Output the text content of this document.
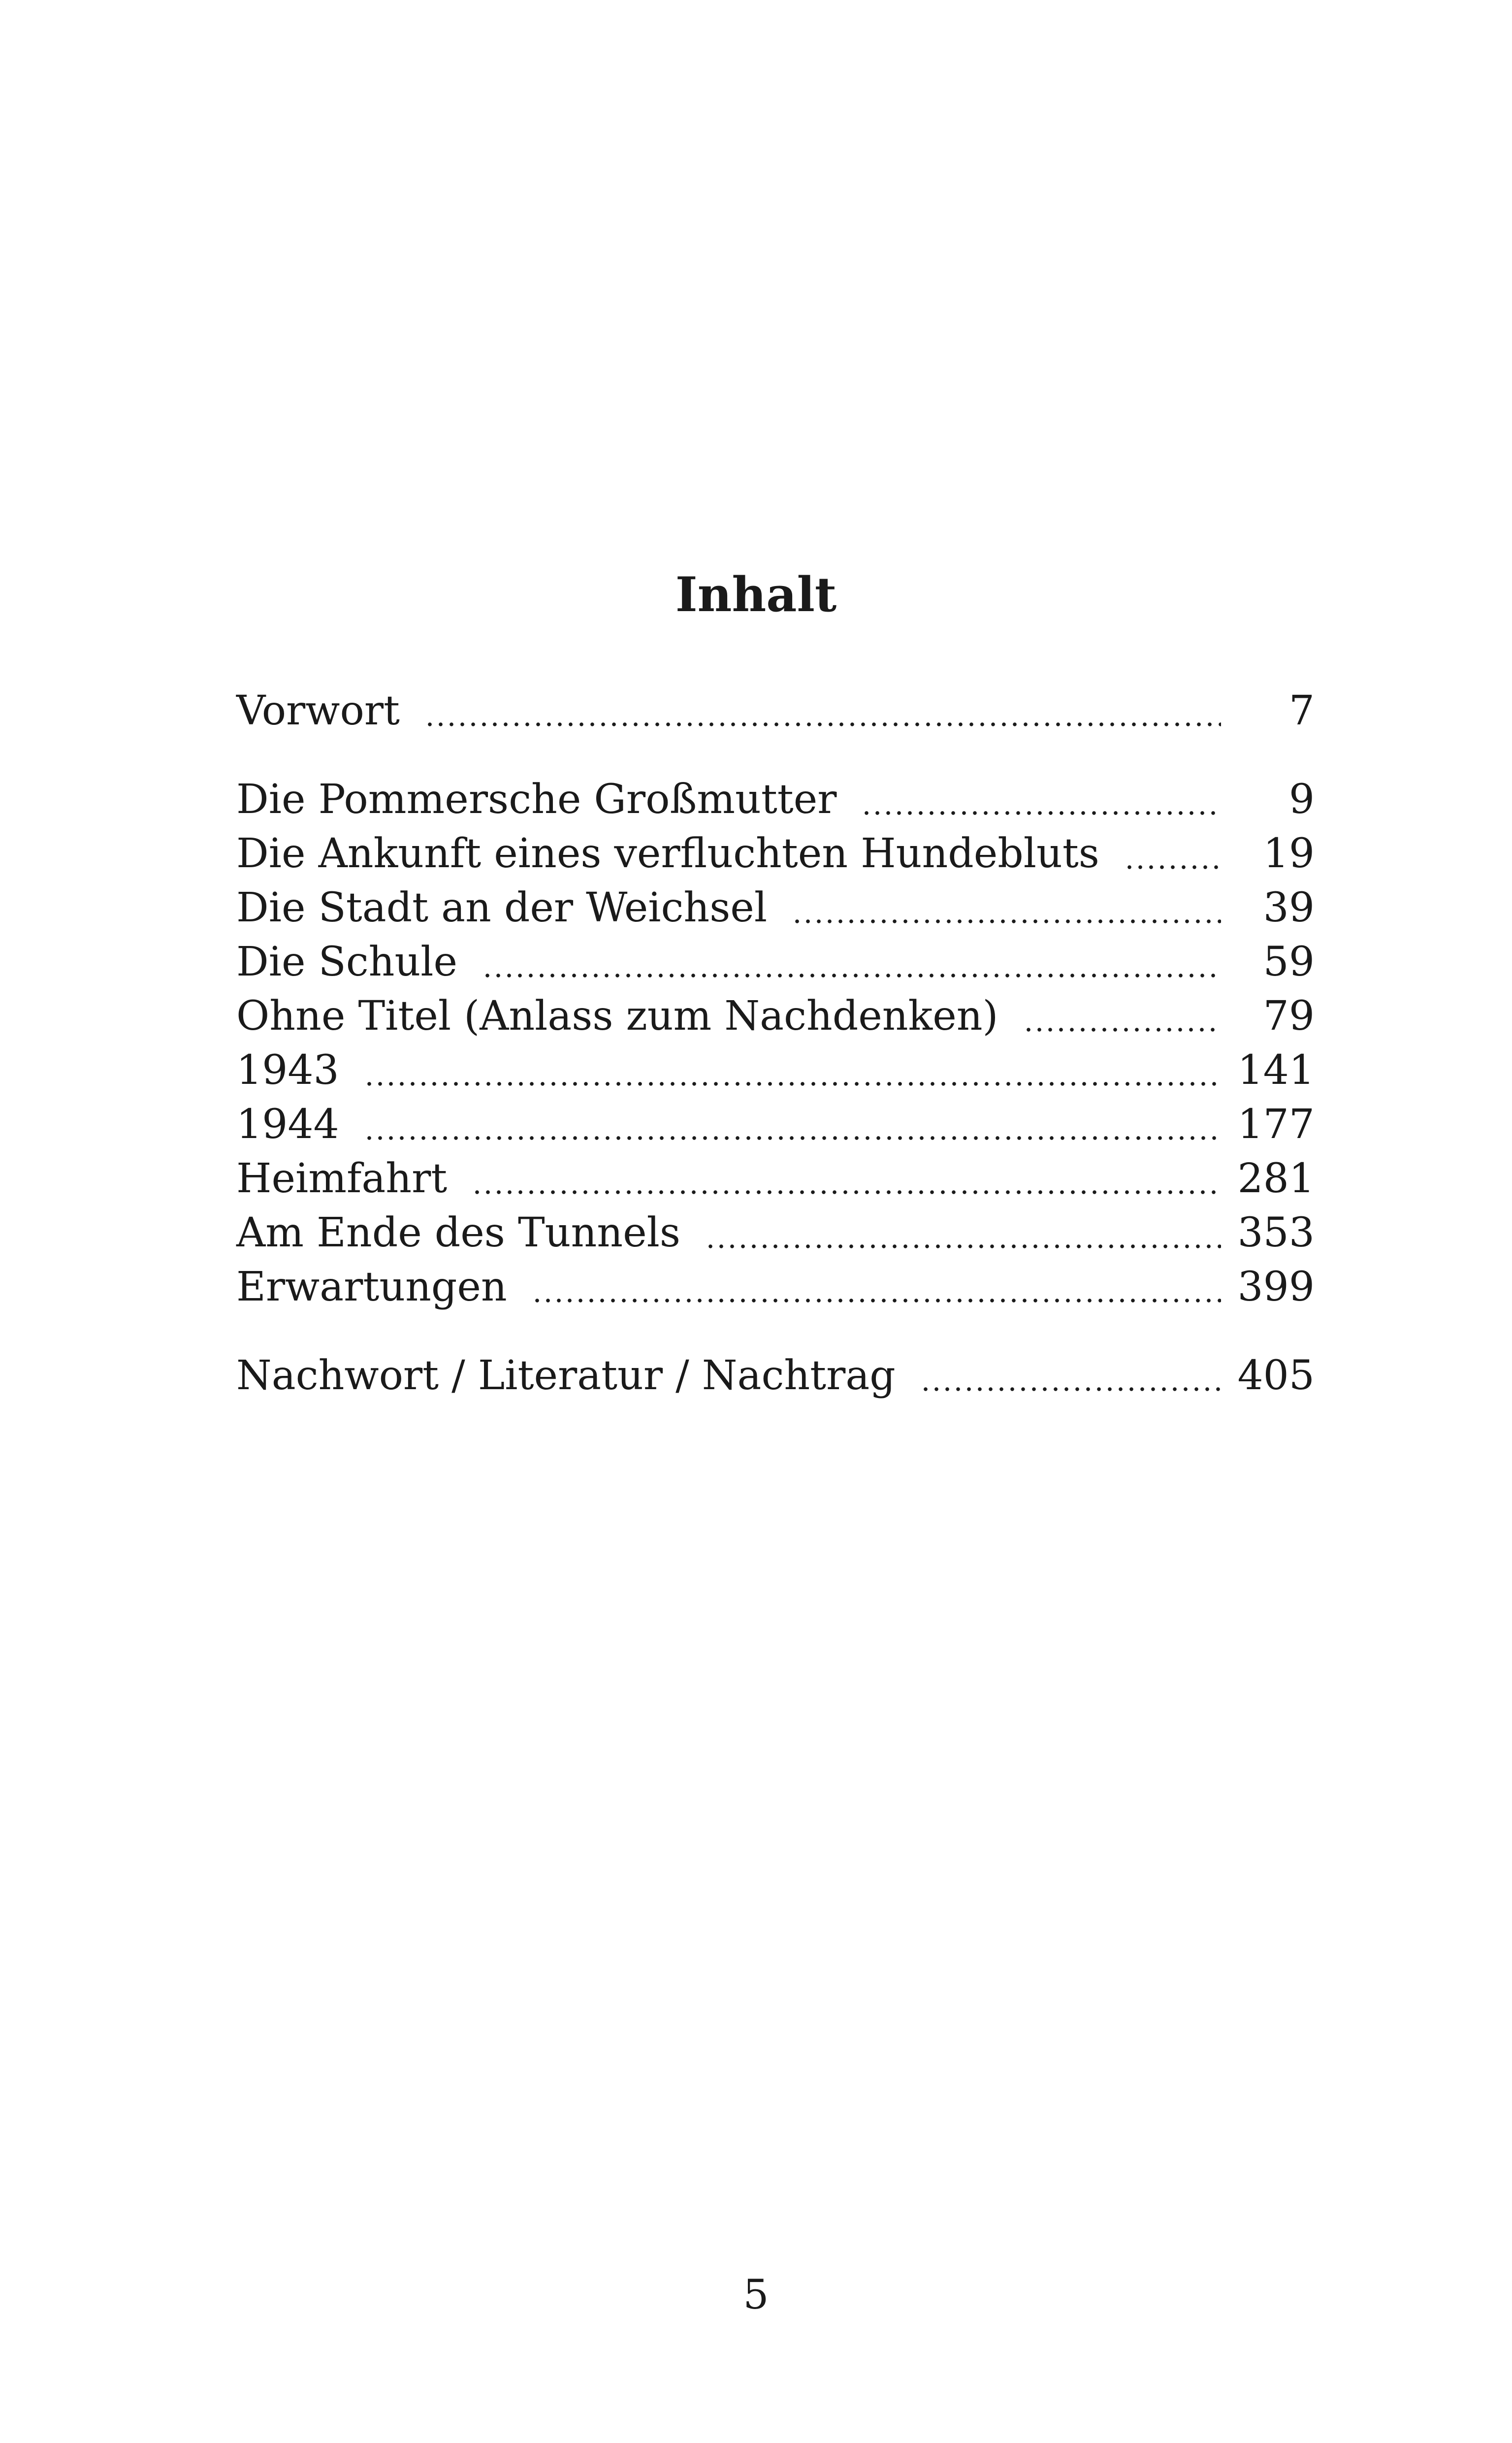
Inhalt
Vorwort	7
Die Pommersche Großmutter	9
Die Ankunft eines verfluchten Hundebluts	19
Die Stadt an der Weichsel	39
Die Schule	59
Ohne Titel (Anlass zum Nachdenken)	79
1943	141
1944	177
Heimfahrt	281
Am Ende des Tunnels	353
Erwartungen	399
Nachwort / Literatur / Nachtrag	405
5
